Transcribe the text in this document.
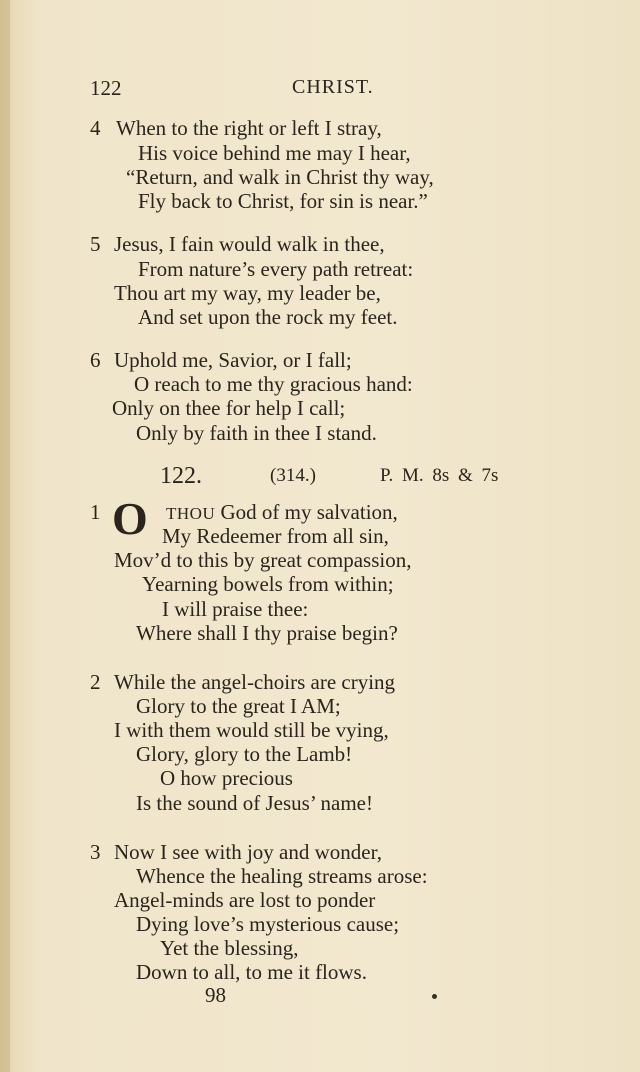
122	CHRIST.
4 When to the right or left I stray,
His voice behind me may I hear,
“Return, and walk in Christ thy way,
Fly back to Christ, for sin is near.”
5 Jesus, I fain would walk in thee,
From nature’s every path retreat:
Thou art my way, my leader be,
And set upon the rock my feet.
6 Uphold me, Savior, or I fall;
O reach to me thy gracious hand:
Only on thee for help I call;
Only by faith in thee I stand.
122.	(314.)	P. M. 8s & 7s
1 O THOU God of my salvation,
My Redeemer from all sin,
Mov’d to this by great compassion,
Yearning bowels from within;
I will praise thee:
Where shall I thy praise begin?
2 While the angel-choirs are crying
Glory to the great I AM;
I with them would still be vying,
Glory, glory to the Lamb!
O how precious
Is the sound of Jesus’ name!
3 Now I see with joy and wonder,
Whence the healing streams arose:
Angel-minds are lost to ponder
Dying love’s mysterious cause;
Yet the blessing,
Down to all, to me it flows.
98
